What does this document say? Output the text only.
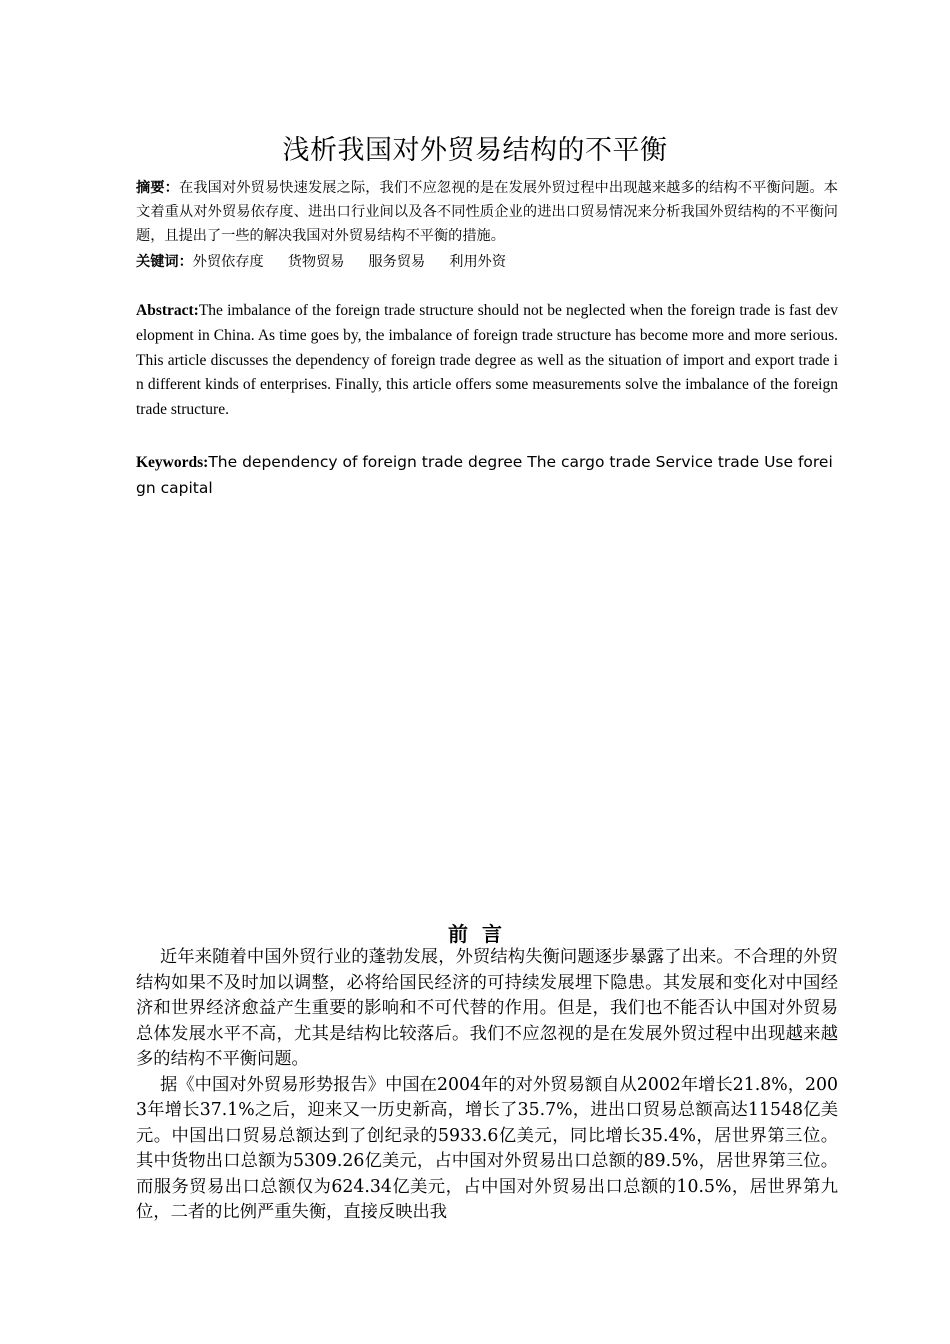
浅析我国对外贸易结构的不平衡
摘要：在我国对外贸易快速发展之际，我们不应忽视的是在发展外贸过程中出现越来越多的结构不平衡问题。本文着重从对外贸易依存度、进出口行业间以及各不同性质企业的进出口贸易情况来分析我国外贸结构的不平衡问题，且提出了一些的解决我国对外贸易结构不平衡的措施。
关键词：外贸依存度 货物贸易 服务贸易 利用外资
Abstract:The imbalance of the foreign trade structure should not be neglected when the foreign trade is fast development in China. As time goes by, the imbalance of foreign trade structure has become more and more serious. This article discusses the dependency of foreign trade degree as well as the situation of import and export trade in different kinds of enterprises. Finally, this article offers some measurements solve the imbalance of the foreign trade structure.
Keywords:The dependency of foreign trade degree The cargo trade Service trade Use foreign capital
前言

近年来随着中国外贸行业的蓬勃发展，外贸结构失衡问题逐步暴露了出来。不合理的外贸结构如果不及时加以调整，必将给国民经济的可持续发展埋下隐患。其发展和变化对中国经济和世界经济愈益产生重要的影响和不可代替的作用。但是，我们也不能否认中国对外贸易总体发展水平不高，尤其是结构比较落后。我们不应忽视的是在发展外贸过程中出现越来越多的结构不平衡问题。

据《中国对外贸易形势报告》中国在2004年的对外贸易额自从2002年增长21.8%，2003年增长37.1%之后，迎来又一历史新高，增长了35.7%，进出口贸易总额高达11548亿美元。中国出口贸易总额达到了创纪录的5933.6亿美元，同比增长35.4%，居世界第三位。其中货物出口总额为5309.26亿美元，占中国对外贸易出口总额的89.5%，居世界第三位。而服务贸易出口总额仅为624.34亿美元，占中国对外贸易出口总额的10.5%，居世界第九位，二者的比例严重失衡，直接反映出我
